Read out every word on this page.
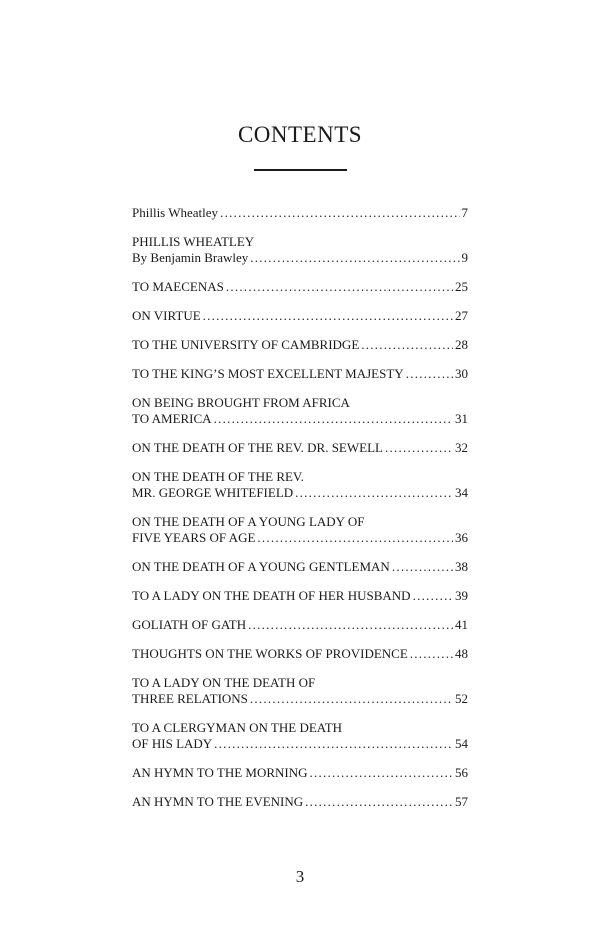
CONTENTS
Phillis Wheatley . . .	7
PHILLIS WHEATLEY
By Benjamin Brawley . . .	9
TO MAECENAS . . .	25
ON VIRTUE . . .	27
TO THE UNIVERSITY OF CAMBRIDGE . . .	28
TO THE KING’S MOST EXCELLENT MAJESTY . . .	30
ON BEING BROUGHT FROM AFRICA
TO AMERICA . . .	31
ON THE DEATH OF THE REV. DR. SEWELL . . .	32
ON THE DEATH OF THE REV.
MR. GEORGE WHITEFIELD . . .	34
ON THE DEATH OF A YOUNG LADY OF
FIVE YEARS OF AGE . . .	36
ON THE DEATH OF A YOUNG GENTLEMAN . . .	38
TO A LADY ON THE DEATH OF HER HUSBAND . . .	39
GOLIATH OF GATH . . .	41
THOUGHTS ON THE WORKS OF PROVIDENCE . . .	48
TO A LADY ON THE DEATH OF
THREE RELATIONS . . .	52
TO A CLERGYMAN ON THE DEATH
OF HIS LADY . . .	54
AN HYMN TO THE MORNING . . .	56
AN HYMN TO THE EVENING . . .	57
3
